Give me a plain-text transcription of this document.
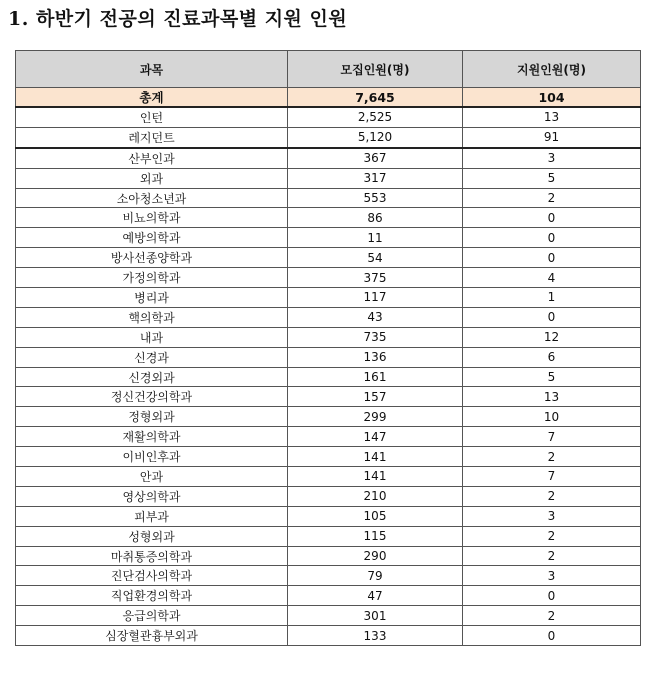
1. 하반기 전공의 진료과목별 지원 인원
과목	모집인원(명)	지원인원(명)
총계	7,645	104
인턴	2,525	13
레지던트	5,120	91
산부인과	367	3
외과	317	5
소아청소년과	553	2
비뇨의학과	86	0
예방의학과	11	0
방사선종양학과	54	0
가정의학과	375	4
병리과	117	1
핵의학과	43	0
내과	735	12
신경과	136	6
신경외과	161	5
정신건강의학과	157	13
정형외과	299	10
재활의학과	147	7
이비인후과	141	2
안과	141	7
영상의학과	210	2
피부과	105	3
성형외과	115	2
마취통증의학과	290	2
진단검사의학과	79	3
직업환경의학과	47	0
응급의학과	301	2
심장혈관흉부외과	133	0
